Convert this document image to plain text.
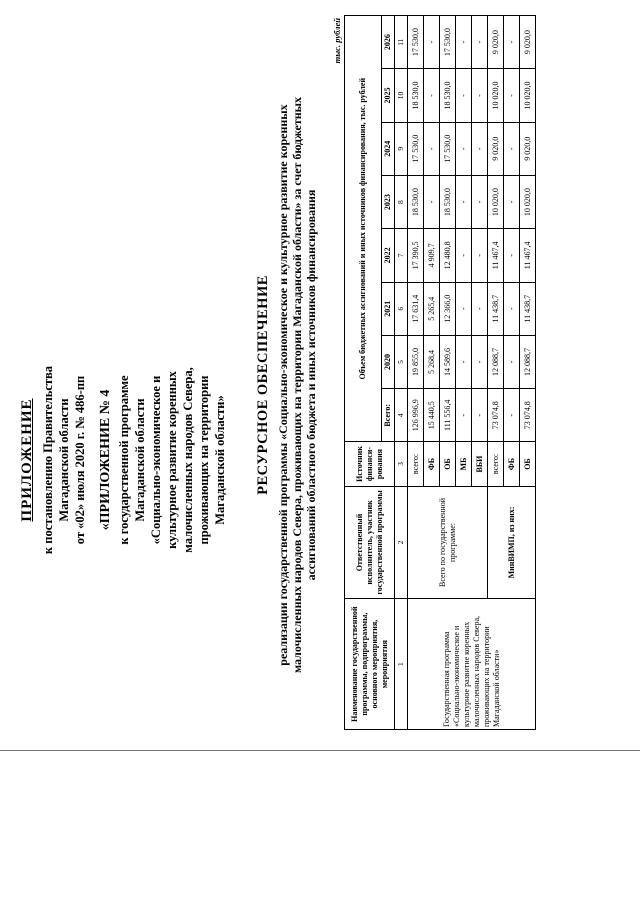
ПРИЛОЖЕНИЕ к постановлению Правительства Магаданской области от «02» июля 2020 г. № 486-пп «ПРИЛОЖЕНИЕ № 4 к государственной программе Магаданской области «Социально-экономическое и культурное развитие коренных малочисленных народов Севера, проживающих на территории Магаданской области» РЕСУРСНОЕ ОБЕСПЕЧЕНИЕ реализации государственной программы «Социально-экономическое и культурное развитие коренных малочисленных народов Севера, проживающих на территории Магаданской области» за счет бюджетных ассигнований областного бюджета и иных источников финансирования
тыс. рублей
Наименование государственной программы, подпрограммы, основного мероприятия, мероприятия	Ответственный исполнитель, участник государственной программы	Источник финанси-рования	Объем бюджетных ассигнований и иных источников финансирования, тыс. рублей							
			Всего:	2020	2021	2022	2023	2024	2025	2026
1	2	3	4	5	6	7	8	9	10	11
Государственная программа «Социально-экономическое и культурное развитие коренных малочисленных народов Севера, проживающих на территории Магаданской области»	Всего по государственной программе:	всего:	126 996,9	19 855,0	17 631,4	17 390,5	18 530,0	17 530,0	18 530,0	17 530,0
		ФБ	15 440,5	5 268,4	5 265,4	4 909,7	-	-	-	-
		ОБ	111 556,4	14 589,6	12 366,0	12 480,8	18 530,0	17 530,0	18 530,0	17 530,0
		МБ	-	-	-	-	-	-	-	-
		ВБИ	-	-	-	-	-	-	-	-
	МинВИМП, из них:	всего:	73 074,8	12 088,7	11 438,7	11 467,4	10 020,0	9 020,0	10 020,0	9 020,0
		ФБ	-	-	-	-	-	-	-	-
		ОБ	73 074,8	12 088,7	11 438,7	11 467,4	10 020,0	9 020,0	10 020,0	9 020,0
